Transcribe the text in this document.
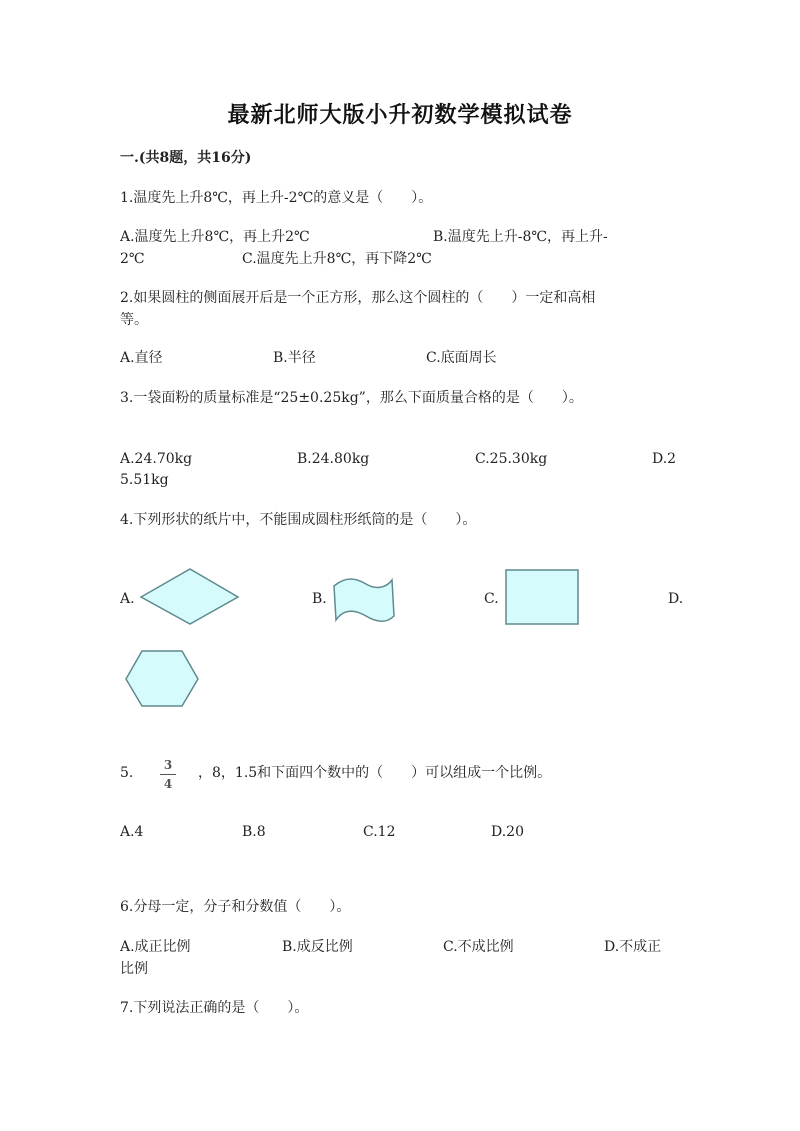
最新北师大版小升初数学模拟试卷
一.(共8题，共16分)
1.温度先上升8℃，再上升-2℃的意义是（　　）。
A.温度先上升8℃，再上升2℃	B.温度先上升-8℃，再上升-
2℃	C.温度先上升8℃，再下降2℃
2.如果圆柱的侧面展开后是一个正方形，那么这个圆柱的（　　）一定和高相
等。
A.直径	B.半径	C.底面周长
3.一袋面粉的质量标准是“25±0.25kg”，那么下面质量合格的是（　　）。
A.24.70kg	B.24.80kg	C.25.30kg	D.2
5.51kg
4.下列形状的纸片中，不能围成圆柱形纸筒的是（　　）。
A.	B.	C.	D.
5.	3
4
，8，1.5和下面四个数中的（　　）可以组成一个比例。
A.4	B.8	C.12	D.20
6.分母一定，分子和分数值（　　）。
A.成正比例	B.成反比例	C.不成比例	D.不成正
比例
7.下列说法正确的是（　　）。
